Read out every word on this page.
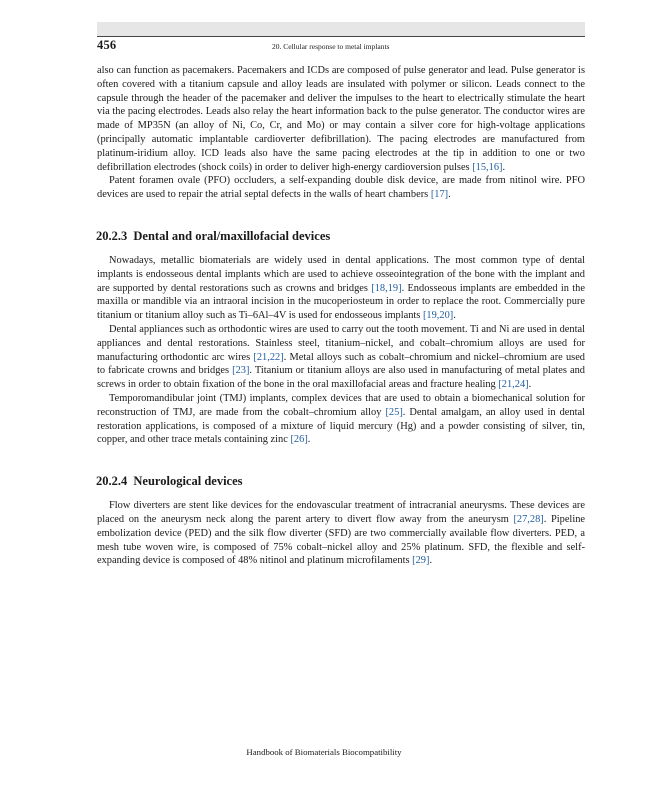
456	20. Cellular response to metal implants

also can function as pacemakers. Pacemakers and ICDs are composed of pulse generator and lead. Pulse generator is often covered with a titanium capsule and alloy leads are insulated with polymer or silicon. Leads connect to the capsule through the header of the pacemaker and deliver the impulses to the heart to electrically stimulate the heart via the pacing electrodes. Leads also relay the heart information back to the pulse generator. The conductor wires are made of MP35N (an alloy of Ni, Co, Cr, and Mo) or may contain a silver core for high-voltage applications (principally automatic implantable cardioverter defibrillation). The pacing electrodes are manufactured from platinum-iridium alloy. ICD leads also have the same pacing electrodes at the tip in addition to one or two defibrillation electrodes (shock coils) in order to deliver high-energy cardioversion pulses [15,16].

Patent foramen ovale (PFO) occluders, a self-expanding double disk device, are made from nitinol wire. PFO devices are used to repair the atrial septal defects in the walls of heart chambers [17].

20.2.3 Dental and oral/maxillofacial devices

Nowadays, metallic biomaterials are widely used in dental applications. The most common type of dental implants is endosseous dental implants which are used to achieve osseointegration of the bone with the implant and are supported by dental restorations such as crowns and bridges [18,19]. Endosseous implants are embedded in the maxilla or mandible via an intraoral incision in the mucoperiosteum in order to replace the root. Commercially pure titanium or titanium alloy such as Ti–6Al–4V is used for endosseous implants [19,20].

Dental appliances such as orthodontic wires are used to carry out the tooth movement. Ti and Ni are used in dental appliances and dental restorations. Stainless steel, titanium–nickel, and cobalt–chromium alloys are used for manufacturing orthodontic arc wires [21,22]. Metal alloys such as cobalt–chromium and nickel–chromium are used to fabricate crowns and bridges [23]. Titanium or titanium alloys are also used in manufacturing of metal plates and screws in order to obtain fixation of the bone in the oral maxillofacial areas and fracture healing [21,24].

Temporomandibular joint (TMJ) implants, complex devices that are used to obtain a biomechanical solution for reconstruction of TMJ, are made from the cobalt–chromium alloy [25]. Dental amalgam, an alloy used in dental restoration applications, is composed of a mixture of liquid mercury (Hg) and a powder consisting of silver, tin, copper, and other trace metals containing zinc [26].

20.2.4 Neurological devices

Flow diverters are stent like devices for the endovascular treatment of intracranial aneurysms. These devices are placed on the aneurysm neck along the parent artery to divert flow away from the aneurysm [27,28]. Pipeline embolization device (PED) and the silk flow diverter (SFD) are two commercially available flow diverters. PED, a mesh tube woven wire, is composed of 75% cobalt–nickel alloy and 25% platinum. SFD, the flexible and self-expanding device is composed of 48% nitinol and platinum microfilaments [29].

Handbook of Biomaterials Biocompatibility
